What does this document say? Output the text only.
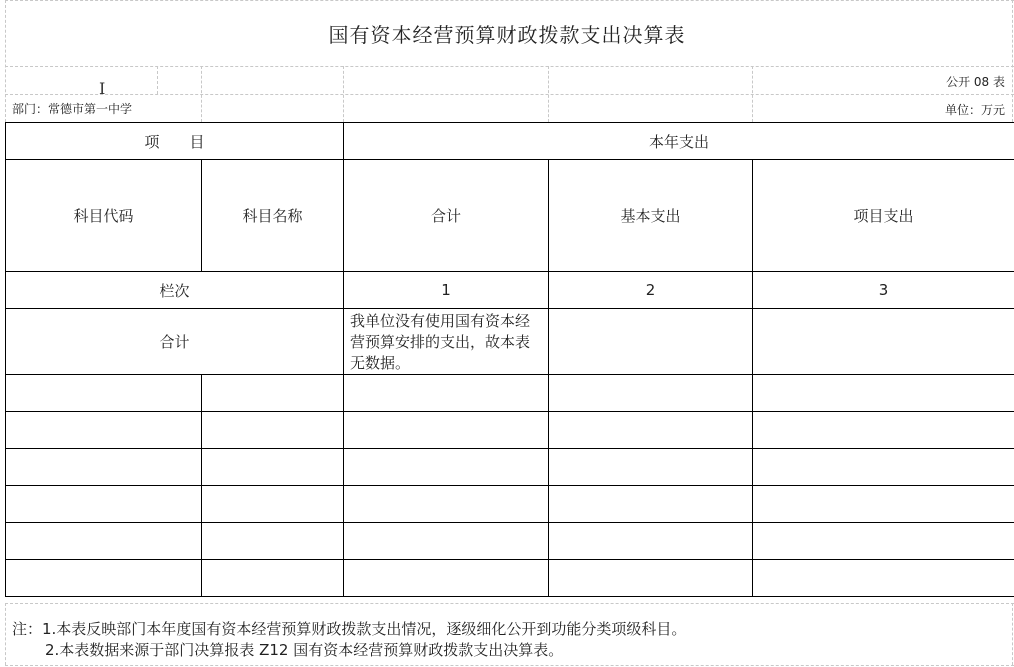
国有资本经营预算财政拨款支出决算表
I	公开 08 表
部门：常德市第一中学	单位：万元
项　　目		本年支出		
科目代码	科目名称	合计	基本支出	项目支出
栏次		1	2	3
合计		我单位没有使用国有资本经营预算安排的支出，故本表无数据。		

注：1.本表反映部门本年度国有资本经营预算财政拨款支出情况，逐级细化公开到功能分类项级科目。
2.本表数据来源于部门决算报表 Z12 国有资本经营预算财政拨款支出决算表。
